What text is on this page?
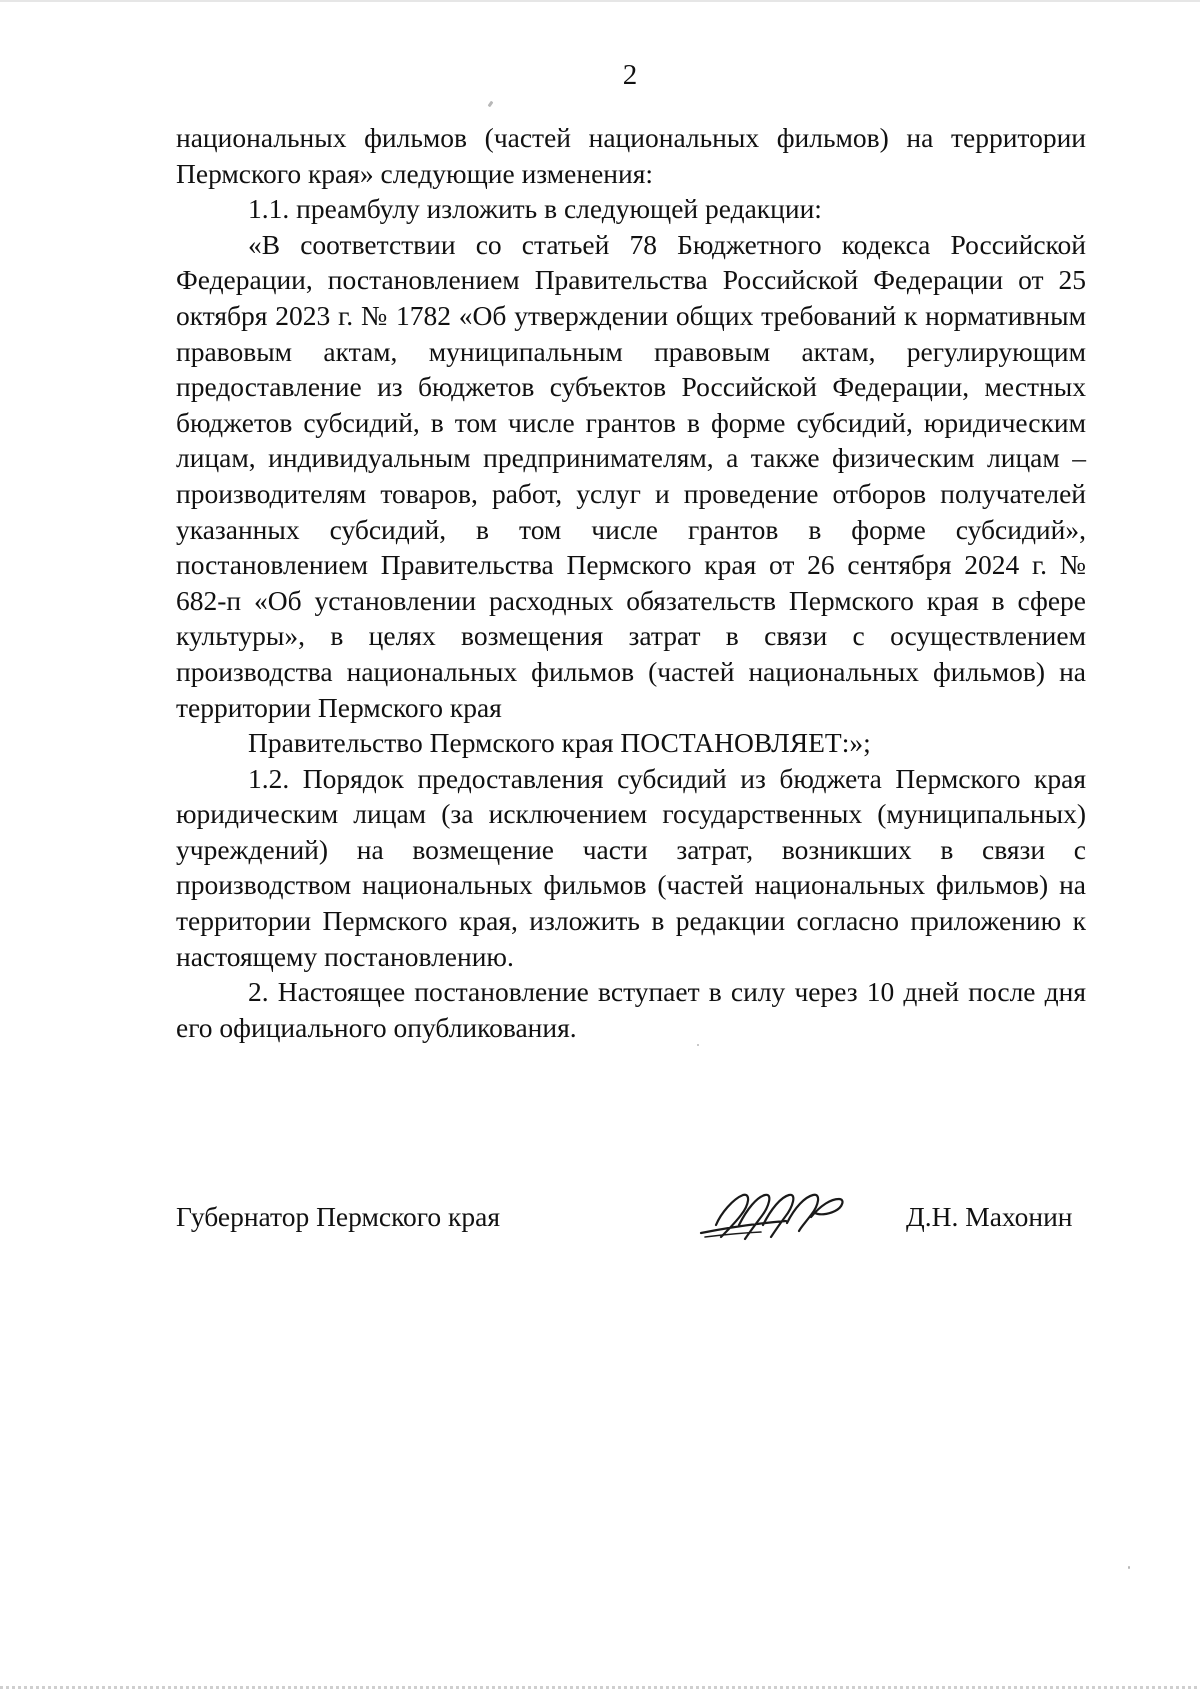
2

национальных фильмов (частей национальных фильмов) на территории Пермского края» следующие изменения:

1.1. преамбулу изложить в следующей редакции:

«В соответствии со статьей 78 Бюджетного кодекса Российской Федерации, постановлением Правительства Российской Федерации от 25 октября 2023 г. № 1782 «Об утверждении общих требований к нормативным правовым актам, муниципальным правовым актам, регулирующим предоставление из бюджетов субъектов Российской Федерации, местных бюджетов субсидий, в том числе грантов в форме субсидий, юридическим лицам, индивидуальным предпринимателям, а также физическим лицам – производителям товаров, работ, услуг и проведение отборов получателей указанных субсидий, в том числе грантов в форме субсидий», постановлением Правительства Пермского края от 26 сентября 2024 г. № 682-п «Об установлении расходных обязательств Пермского края в сфере культуры», в целях возмещения затрат в связи с осуществлением производства национальных фильмов (частей национальных фильмов) на территории Пермского края

Правительство Пермского края ПОСТАНОВЛЯЕТ:»;

1.2. Порядок предоставления субсидий из бюджета Пермского края юридическим лицам (за исключением государственных (муниципальных) учреждений) на возмещение части затрат, возникших в связи с производством национальных фильмов (частей национальных фильмов) на территории Пермского края, изложить в редакции согласно приложению к настоящему постановлению.

2. Настоящее постановление вступает в силу через 10 дней после дня его официального опубликования.

Губернатор Пермского края	Д.Н. Махонин
